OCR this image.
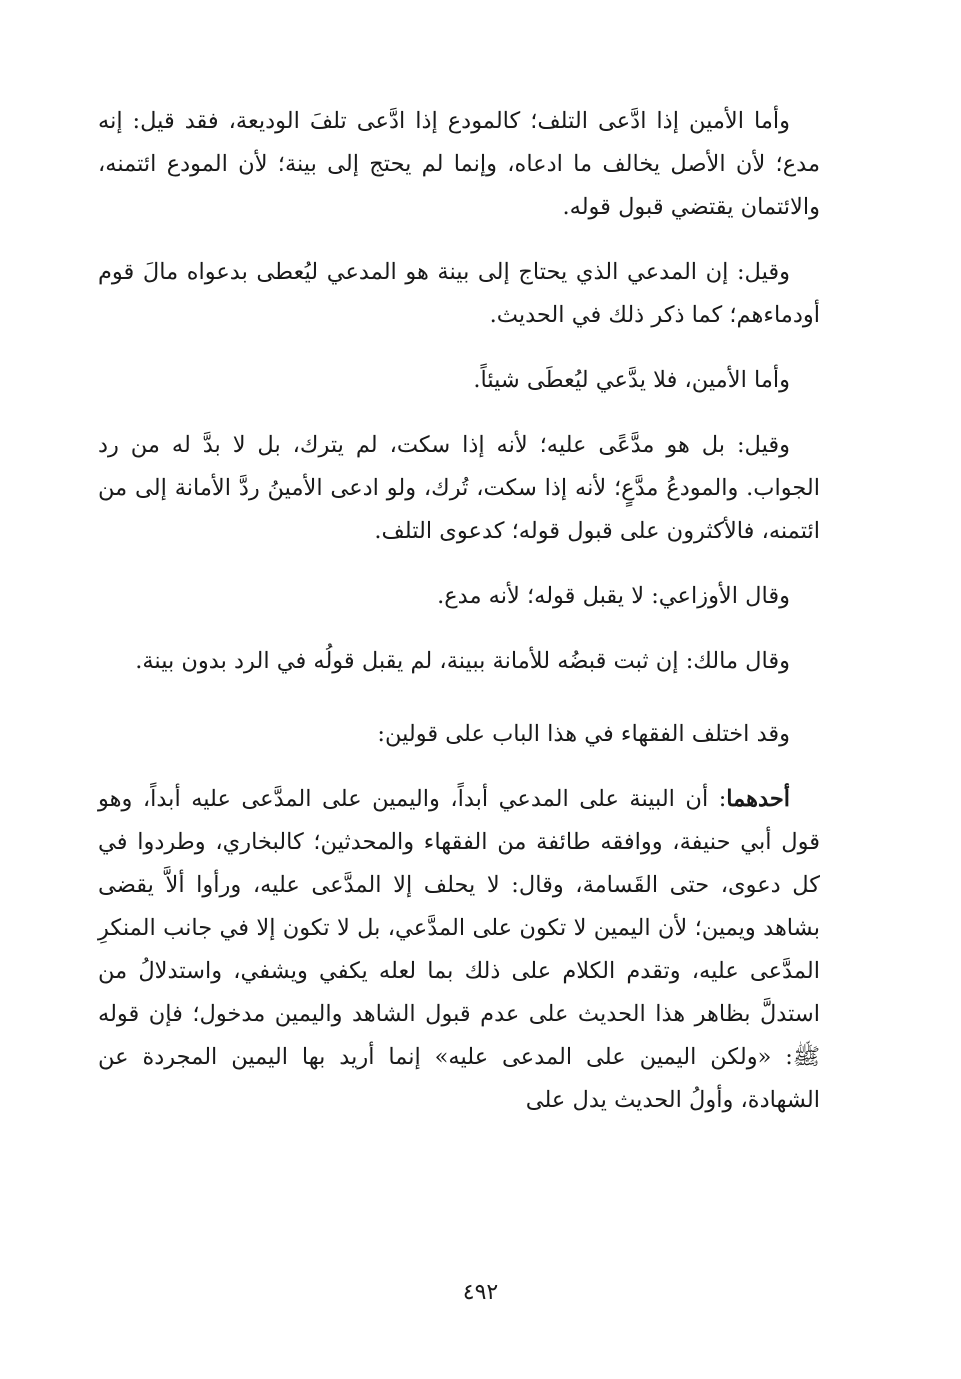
وأما الأمين إذا ادَّعى التلف؛ كالمودع إذا ادَّعى تلفَ الوديعة، فقد قيل: إنه مدع؛ لأن الأصل يخالف ما ادعاه، وإنما لم يحتج إلى بينة؛ لأن المودع ائتمنه، والائتمان يقتضي قبول قوله.

وقيل: إن المدعي الذي يحتاج إلى بينة هو المدعي ليُعطى بدعواه مالَ قوم أودماءهم؛ كما ذكر ذلك في الحديث.

وأما الأمين، فلا يدَّعي ليُعطَى شيئاً.

وقيل: بل هو مدَّعًى عليه؛ لأنه إذا سكت، لم يترك، بل لا بدَّ له من رد الجواب. والمودعُ مدَّعٍ؛ لأنه إذا سكت، تُرك، ولو ادعى الأمينُ ردَّ الأمانة إلى من ائتمنه، فالأكثرون على قبول قوله؛ كدعوى التلف.

وقال الأوزاعي: لا يقبل قوله؛ لأنه مدع.

وقال مالك: إن ثبت قبضُه للأمانة ببينة، لم يقبل قولُه في الرد بدون بينة.

وقد اختلف الفقهاء في هذا الباب على قولين:

أحدهما: أن البينة على المدعي أبداً، واليمين على المدَّعى عليه أبداً، وهو قول أبي حنيفة، ووافقه طائفة من الفقهاء والمحدثين؛ كالبخاري، وطردوا في كل دعوى، حتى القَسامة، وقال: لا يحلف إلا المدَّعى عليه، ورأوا ألاَّ يقضى بشاهد ويمين؛ لأن اليمين لا تكون على المدَّعي، بل لا تكون إلا في جانب المنكرِ المدَّعى عليه، وتقدم الكلام على ذلك بما لعله يكفي ويشفي، واستدلالُ من استدلَّ بظاهر هذا الحديث على عدم قبول الشاهد واليمين مدخول؛ فإن قوله ﷺ: «ولكن اليمين على المدعى عليه» إنما أريد بها اليمين المجردة عن الشهادة، وأولُ الحديث يدل على

٤٩٢
